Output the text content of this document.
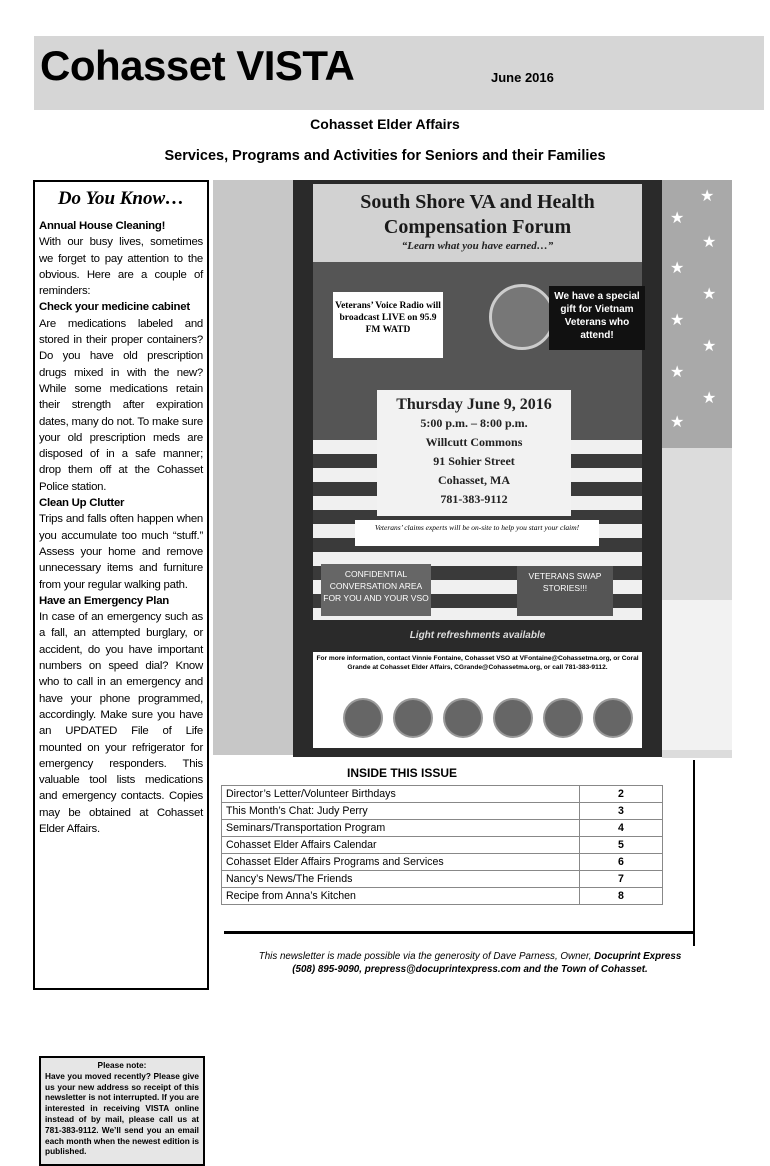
Cohasset VISTA	June 2016
Cohasset Elder Affairs
Services, Programs and Activities for Seniors and their Families
Do You Know…

Annual House Cleaning!

With our busy lives, sometimes we forget to pay attention to the obvious. Here are a couple of reminders:

Check your medicine cabinet

Are medications labeled and stored in their proper containers? Do you have old prescription drugs mixed in with the new? While some medications retain their strength after expiration dates, many do not. To make sure your old prescription meds are disposed of in a safe manner; drop them off at the Cohasset Police station.

Clean Up Clutter

Trips and falls often happen when you accumulate too much “stuff.” Assess your home and remove unnecessary items and furniture from your regular walking path.

Have an Emergency Plan

In case of an emergency such as a fall, an attempted burglary, or accident, do you have important numbers on speed dial? Know who to call in an emergency and have your phone programmed, accordingly. Make sure you have an UPDATED File of Life mounted on your refrigerator for emergency responders. This valuable tool lists medications and emergency contacts. Copies may be obtained at Cohasset Elder Affairs.

Please note:
Have you moved recently? Please give us your new address so receipt of this newsletter is not interrupted. If you are interested in receiving VISTA online instead of by mail, please call us at 781-383-9112. We’ll send you an email each month when the newest edition is published.
★
★
★
★
★
★
★
★
★
★
South Shore VA and Health
Compensation Forum
“Learn what you have earned…”
Veterans’ Voice Radio will broadcast LIVE on 95.9 FM WATD
We have a special gift for Vietnam Veterans who attend!
Thursday June 9, 2016
5:00 p.m. – 8:00 p.m.
Willcutt Commons
91 Sohier Street
Cohasset, MA
781-383-9112
Veterans’ claims experts will be on-site to help you start your claim!
CONFIDENTIAL CONVERSATION AREA FOR YOU AND YOUR VSO
VETERANS SWAP STORIES!!!
Light refreshments available
For more information, contact Vinnie Fontaine, Cohasset VSO at VFontaine@Cohassetma.org, or Coral Grande at Cohasset Elder Affairs, CGrande@Cohassetma.org, or call 781-383-9112.
INSIDE THIS ISSUE
Director’s Letter/Volunteer Birthdays	2
This Month’s Chat: Judy Perry	3
Seminars/Transportation Program	4
Cohasset Elder Affairs Calendar	5
Cohasset Elder Affairs Programs and Services	6
Nancy’s News/The Friends	7
Recipe from Anna’s Kitchen	8
This newsletter is made possible via the generosity of Dave Parness, Owner, Docuprint Express
(508) 895-9090, prepress@docuprintexpress.com and the Town of Cohasset.
